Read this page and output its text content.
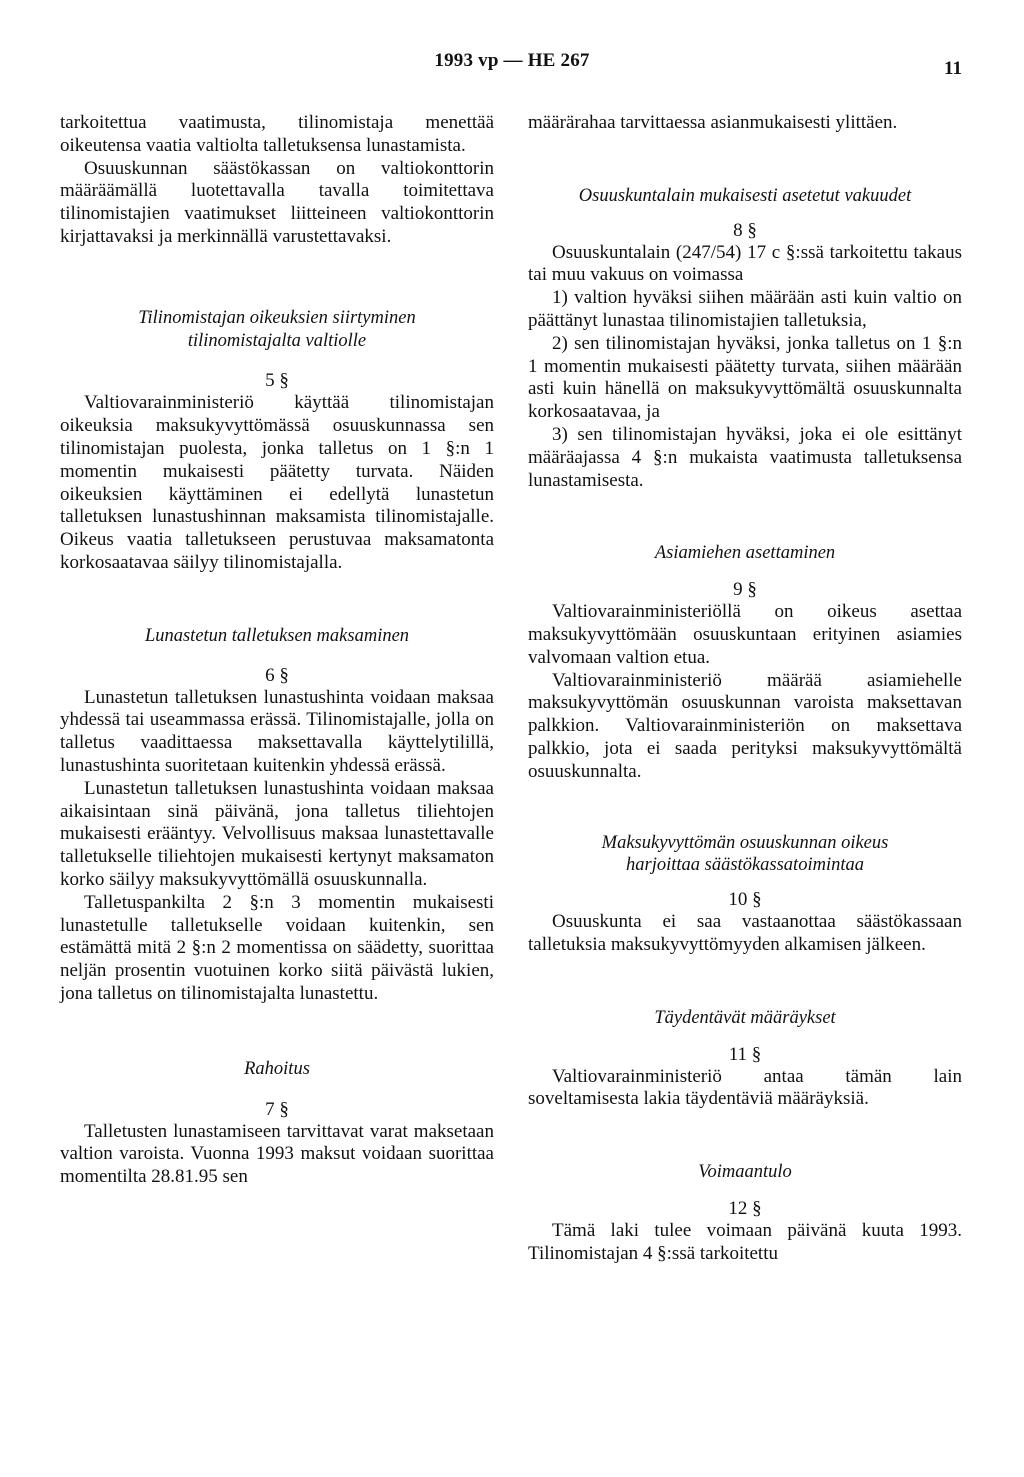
1993 vp — HE 267	11

tarkoitettua vaatimusta, tilinomistaja menettää oikeutensa vaatia valtiolta talletuksensa lunastamista.

Osuuskunnan säästökassan on valtiokonttorin määräämällä luotettavalla tavalla toimitettava tilinomistajien vaatimukset liitteineen valtiokonttorin kirjattavaksi ja merkinnällä varustettavaksi.

Tilinomistajan oikeuksien siirtyminen tilinomistajalta valtiolle

5 §

Valtiovarainministeriö käyttää tilinomistajan oikeuksia maksukyvyttömässä osuuskunnassa sen tilinomistajan puolesta, jonka talletus on 1 §:n 1 momentin mukaisesti päätetty turvata. Näiden oikeuksien käyttäminen ei edellytä lunastetun talletuksen lunastushinnan maksamista tilinomistajalle. Oikeus vaatia talletukseen perustuvaa maksamatonta korkosaatavaa säilyy tilinomistajalla.

Lunastetun talletuksen maksaminen

6 §

Lunastetun talletuksen lunastushinta voidaan maksaa yhdessä tai useammassa erässä. Tilinomistajalle, jolla on talletus vaadittaessa maksettavalla käyttelytilillä, lunastushinta suoritetaan kuitenkin yhdessä erässä.

Lunastetun talletuksen lunastushinta voidaan maksaa aikaisintaan sinä päivänä, jona talletus tiliehtojen mukaisesti erääntyy. Velvollisuus maksaa lunastettavalle talletukselle tiliehtojen mukaisesti kertynyt maksamaton korko säilyy maksukyvyttömällä osuuskunnalla.

Talletuspankilta 2 §:n 3 momentin mukaisesti lunastetulle talletukselle voidaan kuitenkin, sen estämättä mitä 2 §:n 2 momentissa on säädetty, suorittaa neljän prosentin vuotuinen korko siitä päivästä lukien, jona talletus on tilinomistajalta lunastettu.

Rahoitus

7 §

Talletusten lunastamiseen tarvittavat varat maksetaan valtion varoista. Vuonna 1993 maksut voidaan suorittaa momentilta 28.81.95 sen

määrärahaa tarvittaessa asianmukaisesti ylittäen.

Osuuskuntalain mukaisesti asetetut vakuudet

8 §

Osuuskuntalain (247/54) 17 c §:ssä tarkoitettu takaus tai muu vakuus on voimassa

1) valtion hyväksi siihen määrään asti kuin valtio on päättänyt lunastaa tilinomistajien talletuksia,

2) sen tilinomistajan hyväksi, jonka talletus on 1 §:n 1 momentin mukaisesti päätetty turvata, siihen määrään asti kuin hänellä on maksukyvyttömältä osuuskunnalta korkosaatavaa, ja

3) sen tilinomistajan hyväksi, joka ei ole esittänyt määräajassa 4 §:n mukaista vaatimusta talletuksensa lunastamisesta.

Asiamiehen asettaminen

9 §

Valtiovarainministeriöllä on oikeus asettaa maksukyvyttömään osuuskuntaan erityinen asiamies valvomaan valtion etua.

Valtiovarainministeriö määrää asiamiehelle maksukyvyttömän osuuskunnan varoista maksettavan palkkion. Valtiovarainministeriön on maksettava palkkio, jota ei saada perityksi maksukyvyttömältä osuuskunnalta.

Maksukyvyttömän osuuskunnan oikeus harjoittaa säästökassatoimintaa

10 §

Osuuskunta ei saa vastaanottaa säästökassaan talletuksia maksukyvyttömyyden alkamisen jälkeen.

Täydentävät määräykset

11 §

Valtiovarainministeriö antaa tämän lain soveltamisesta lakia täydentäviä määräyksiä.

Voimaantulo

12 §

Tämä laki tulee voimaan päivänä kuuta 1993. Tilinomistajan 4 §:ssä tarkoitettu
